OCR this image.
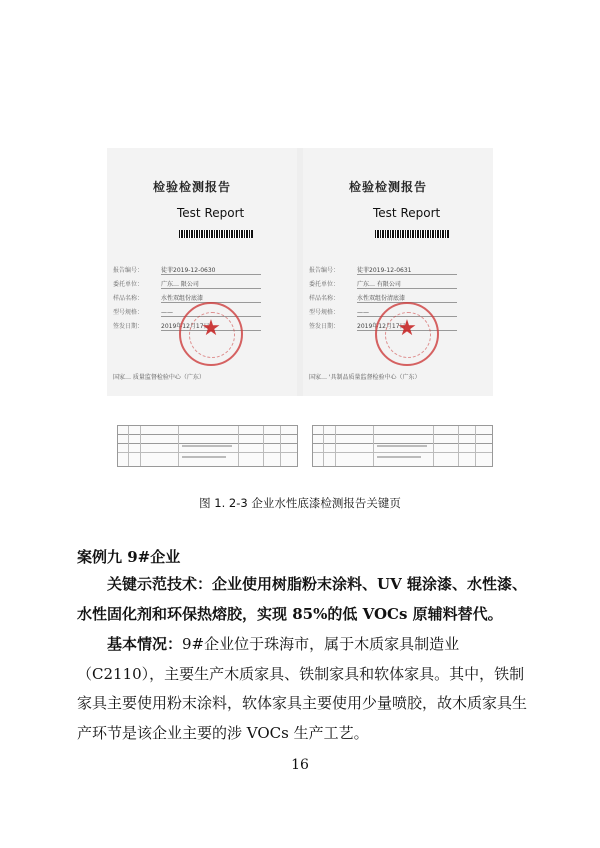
检验检测报告
Test Report
报告编号：	徒菲2019-12-0630
委托单位：	广东… 限公司
样品名称：	水性双组份底漆
型号规格：	——
签发日期：	2019年12月17日
★
国家… 质量监督检验中心（广东）
检验检测报告
Test Report
报告编号：	徒菲2019-12-0631
委托单位：	广东… 有限公司
样品名称：	水性双组份清底漆
型号规格：	——
签发日期：	2019年12月17日
★
国家… '具制品质量监督检验中心（广东）
图 1. 2-3 企业水性底漆检测报告关键页
案例九 9#企业
关键示范技术：企业使用树脂粉末涂料、UV 辊涂漆、水性漆、水性固化剂和环保热熔胶，实现 85%的低 VOCs 原辅料替代。
基本情况：9#企业位于珠海市，属于木质家具制造业（C2110），主要生产木质家具、铁制家具和软体家具。其中，铁制家具主要使用粉末涂料，软体家具主要使用少量喷胶，故木质家具生产环节是该企业主要的涉 VOCs 生产工艺。
16
